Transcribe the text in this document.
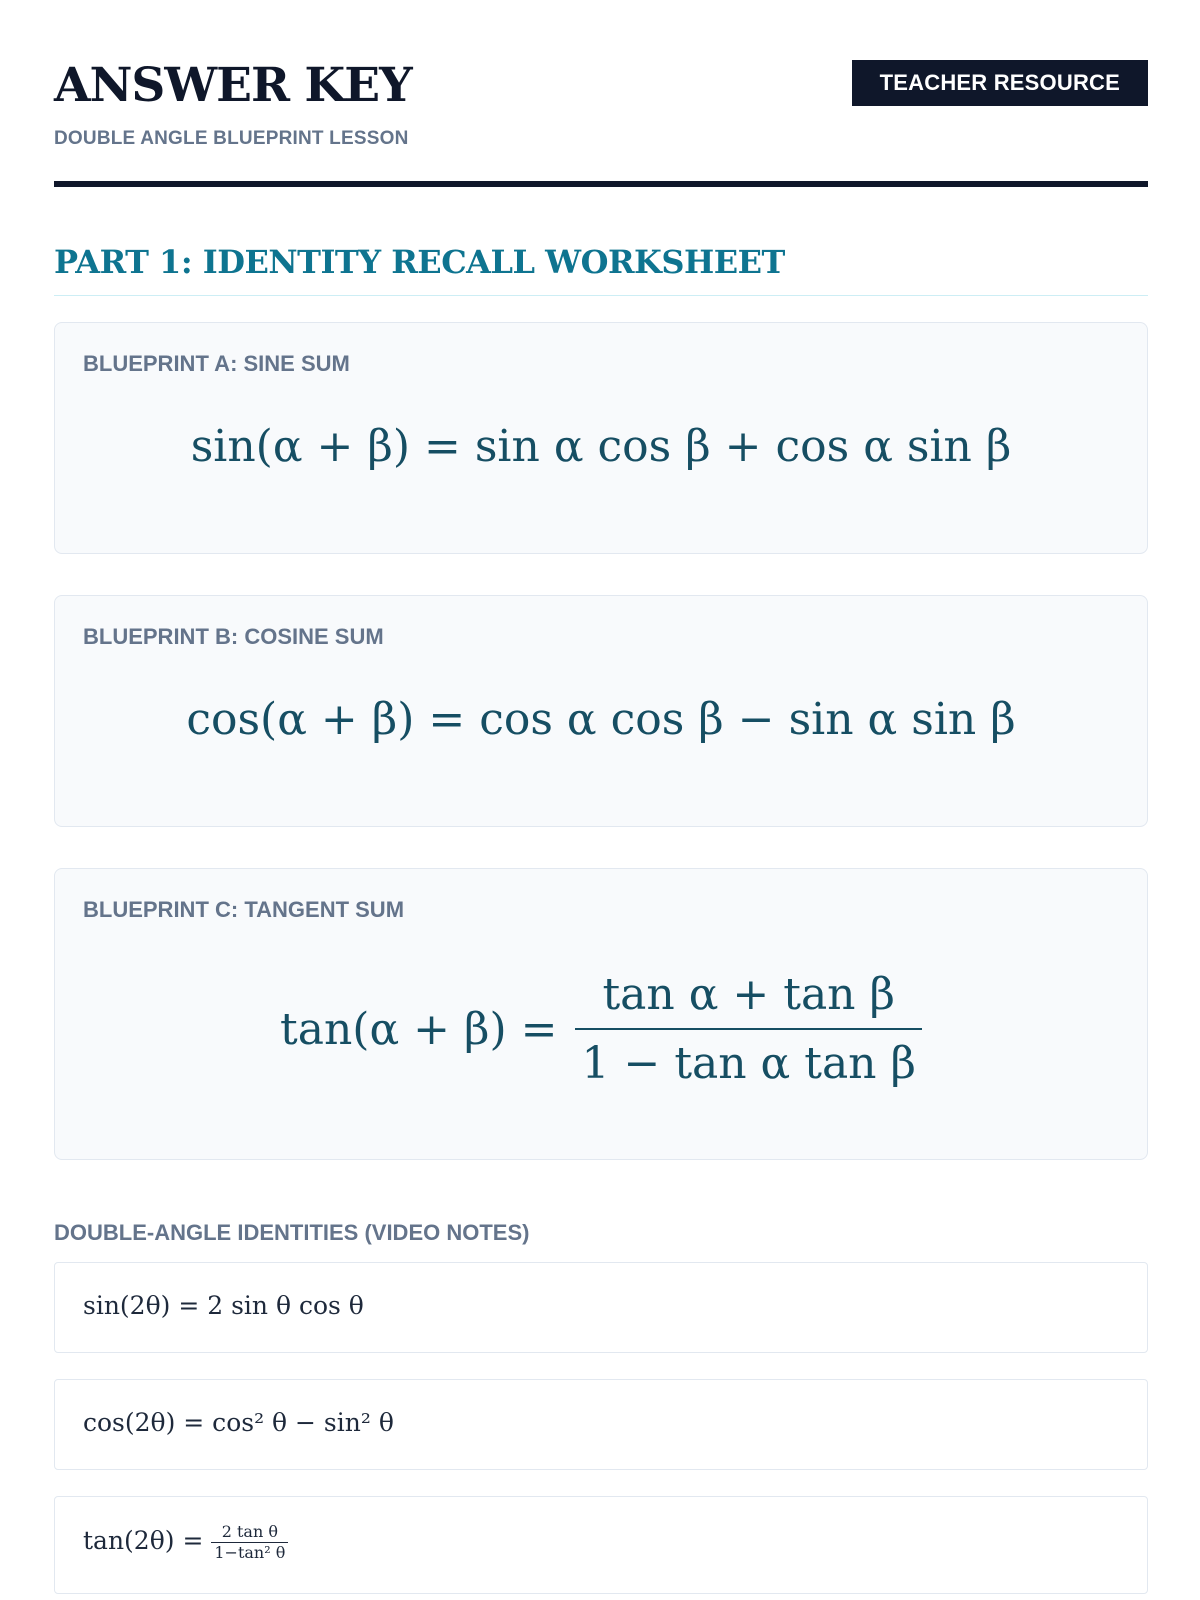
ANSWER KEY
DOUBLE ANGLE BLUEPRINT LESSON
TEACHER RESOURCE
PART 1: IDENTITY RECALL WORKSHEET
BLUEPRINT A: SINE SUM
sin(α + β) = sin α cos β + cos α sin β
BLUEPRINT B: COSINE SUM
cos(α + β) = cos α cos β − sin α sin β
BLUEPRINT C: TANGENT SUM
$\tan(\alpha + \beta) = \frac{\text{tan α + tan β}}{\text{1 − tan α tan β}}$
DOUBLE-ANGLE IDENTITIES (VIDEO NOTES)
sin(2θ) = 2 sin θ cos θ
cos(2θ) = cos² θ − sin² θ
$\tan(2\theta) = \frac{\text{2 tan θ}}{\text{1−tan² θ}}$
